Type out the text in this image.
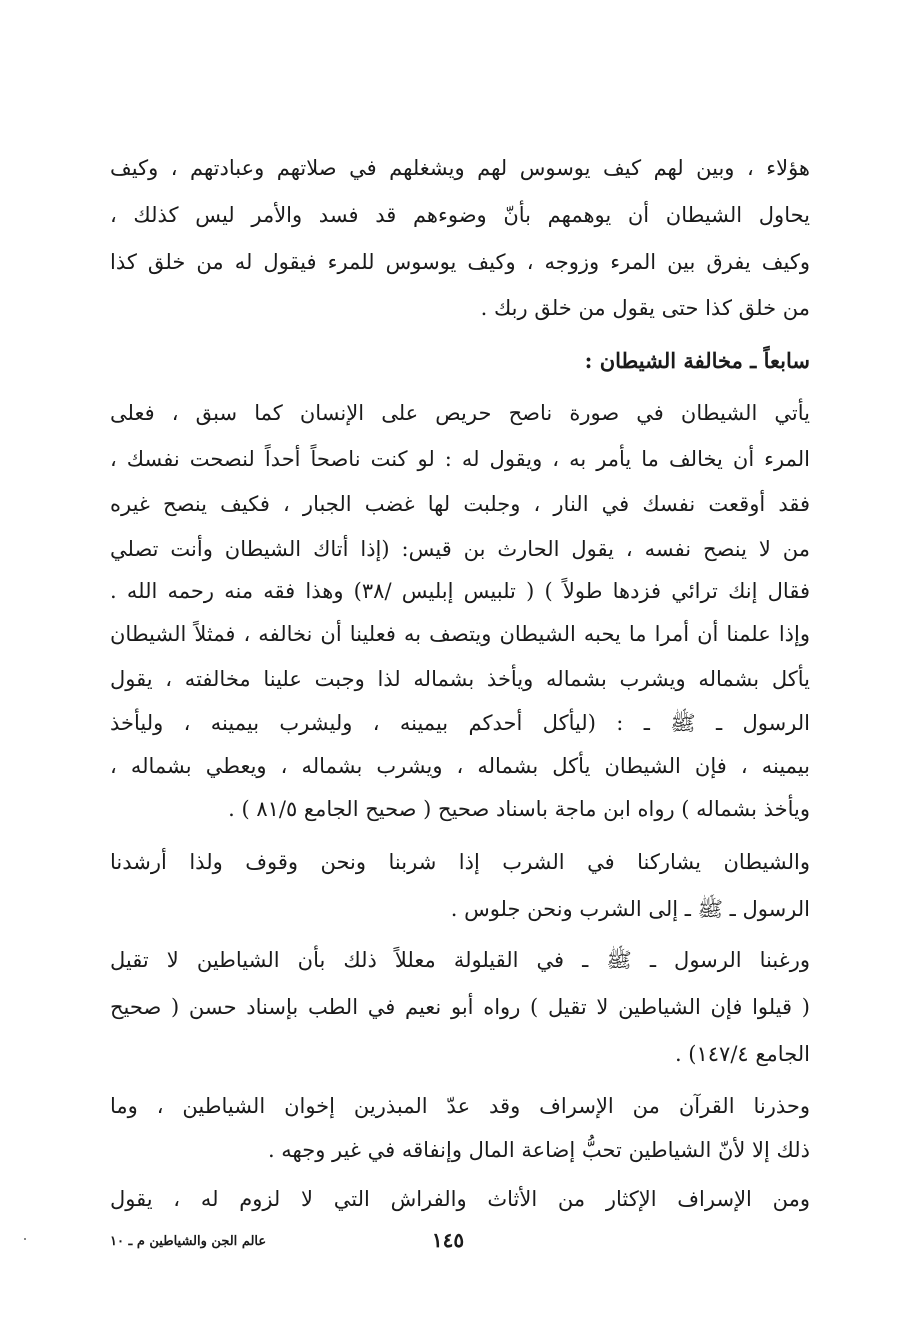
هؤلاء ، وبين لهم كيف يوسوس لهم ويشغلهم في صلاتهم وعبادتهم ، وكيف
يحاول الشيطان أن يوهمهم بأنّ وضوءهم قد فسد والأمر ليس كذلك ،
وكيف يفرق بين المرء وزوجه ، وكيف يوسوس للمرء فيقول له من خلق كذا
من خلق كذا حتى يقول من خلق ربك .
سابعاً ـ مخالفة الشيطان :
يأتي الشيطان في صورة ناصح حريص على الإنسان كما سبق ، فعلى
المرء أن يخالف ما يأمر به ، ويقول له : لو كنت ناصحاً أحداً لنصحت نفسك ،
فقد أوقعت نفسك في النار ، وجلبت لها غضب الجبار ، فكيف ينصح غيره
من لا ينصح نفسه ، يقول الحارث بن قيس: (إذا أتاك الشيطان وأنت تصلي
فقال إنك ترائي فزدها طولاً ) ( تلبيس إبليس /٣٨) وهذا فقه منه رحمه الله .
وإذا علمنا أن أمرا ما يحبه الشيطان ويتصف به فعلينا أن نخالفه ، فمثلاً الشيطان
يأكل بشماله ويشرب بشماله ويأخذ بشماله لذا وجبت علينا مخالفته ، يقول
الرسول ـ ﷺ ـ : (ليأكل أحدكم بيمينه ، وليشرب بيمينه ، وليأخذ
بيمينه ، فإن الشيطان يأكل بشماله ، ويشرب بشماله ، ويعطي بشماله ،
ويأخذ بشماله ) رواه ابن ماجة باسناد صحيح ( صحيح الجامع ٨١/٥ ) .
والشيطان يشاركنا في الشرب إذا شربنا ونحن وقوف ولذا أرشدنا
الرسول ـ ﷺ ـ إلى الشرب ونحن جلوس .
ورغبنا الرسول ـ ﷺ ـ في القيلولة معللاً ذلك بأن الشياطين لا تقيل
( قيلوا فإن الشياطين لا تقيل ) رواه أبو نعيم في الطب بإسناد حسن ( صحيح
الجامع ١٤٧/٤) .
وحذرنا القرآن من الإسراف وقد عدّ المبذرين إخوان الشياطين ، وما
ذلك إلا لأنّ الشياطين تحبُّ إضاعة المال وإنفاقه في غير وجهه .
ومن الإسراف الإكثار من الأثاث والفراش التي لا لزوم له ، يقول
١٤٥
عالم الجن والشياطين م ـ ١٠
